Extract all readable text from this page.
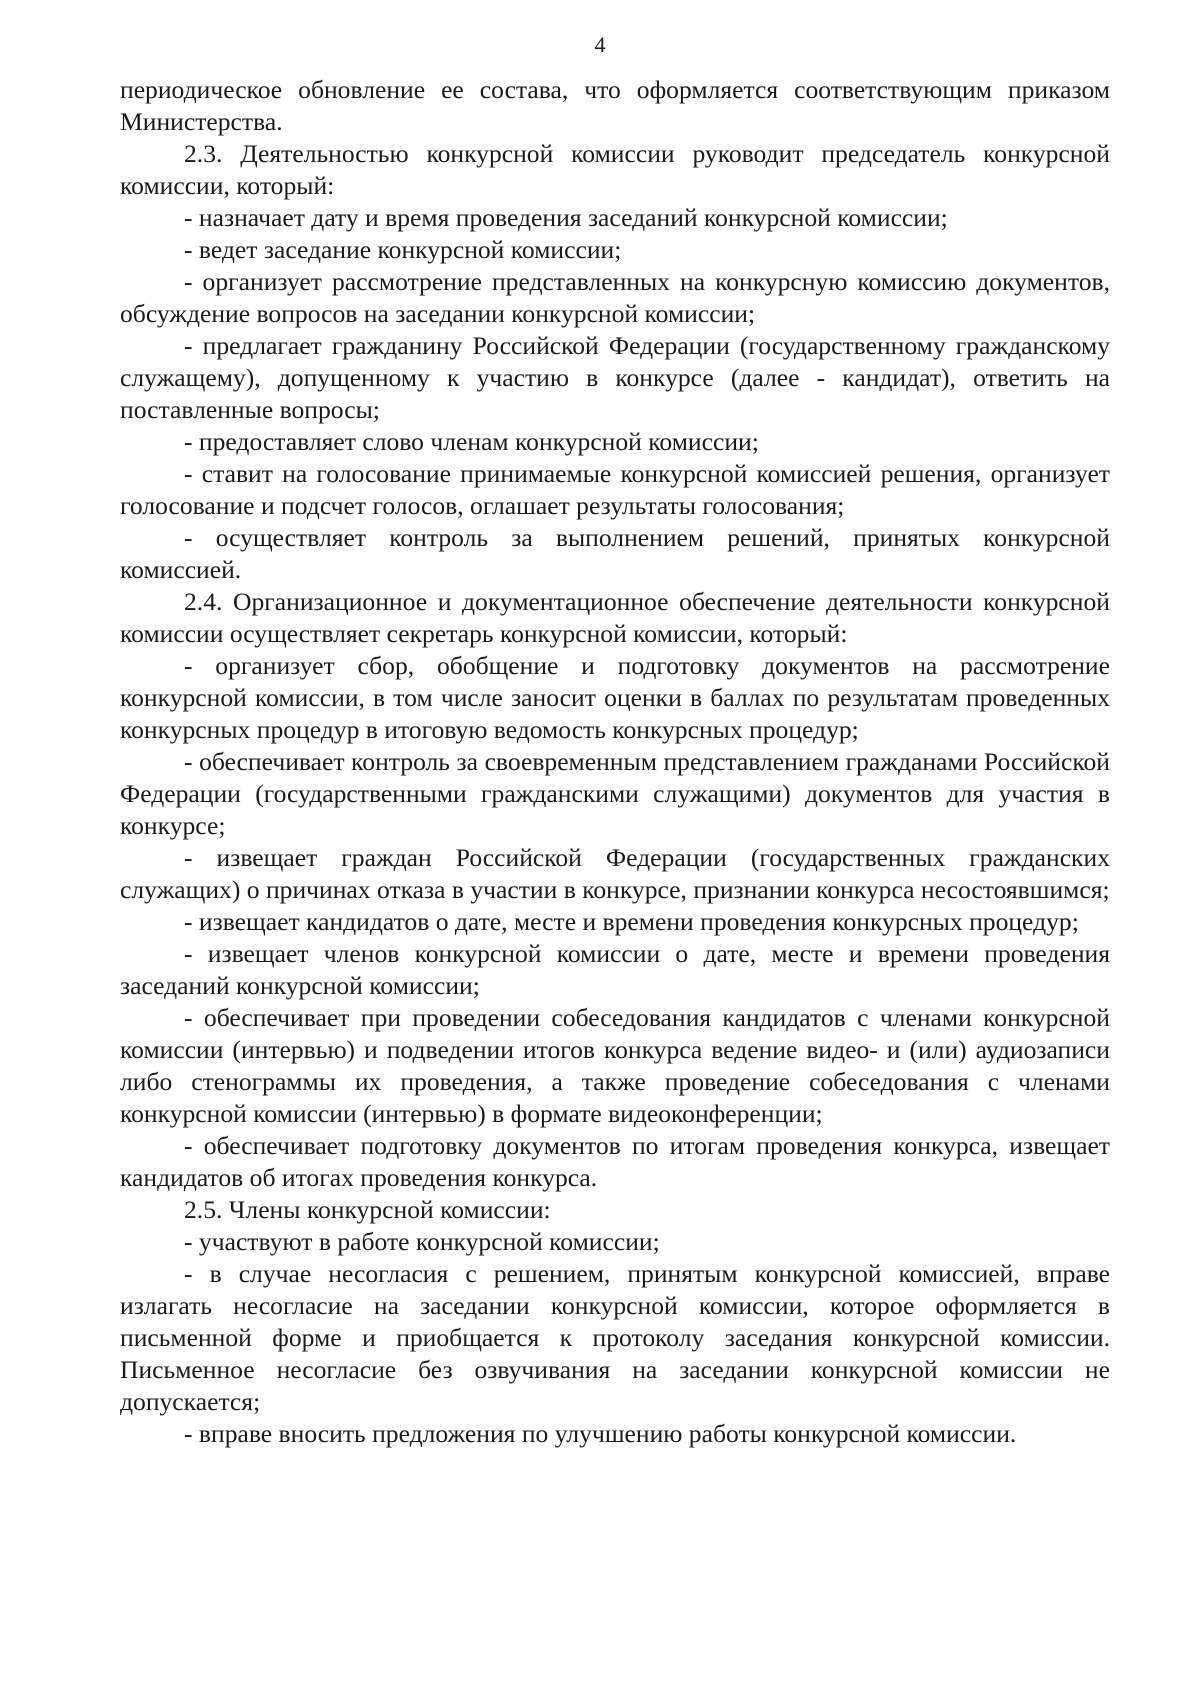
4

периодическое обновление ее состава, что оформляется соответствующим приказом Министерства.

2.3. Деятельностью конкурсной комиссии руководит председатель конкурсной комиссии, который:

- назначает дату и время проведения заседаний конкурсной комиссии;

- ведет заседание конкурсной комиссии;

- организует рассмотрение представленных на конкурсную комиссию документов, обсуждение вопросов на заседании конкурсной комиссии;

- предлагает гражданину Российской Федерации (государственному гражданскому служащему), допущенному к участию в конкурсе (далее - кандидат), ответить на поставленные вопросы;

- предоставляет слово членам конкурсной комиссии;

- ставит на голосование принимаемые конкурсной комиссией решения, организует голосование и подсчет голосов, оглашает результаты голосования;

- осуществляет контроль за выполнением решений, принятых конкурсной комиссией.

2.4. Организационное и документационное обеспечение деятельности конкурсной комиссии осуществляет секретарь конкурсной комиссии, который:

- организует сбор, обобщение и подготовку документов на рассмотрение конкурсной комиссии, в том числе заносит оценки в баллах по результатам проведенных конкурсных процедур в итоговую ведомость конкурсных процедур;

- обеспечивает контроль за своевременным представлением гражданами Российской Федерации (государственными гражданскими служащими) документов для участия в конкурсе;

- извещает граждан Российской Федерации (государственных гражданских служащих) о причинах отказа в участии в конкурсе, признании конкурса несостоявшимся;

- извещает кандидатов о дате, месте и времени проведения конкурсных процедур;

- извещает членов конкурсной комиссии о дате, месте и времени проведения заседаний конкурсной комиссии;

- обеспечивает при проведении собеседования кандидатов с членами конкурсной комиссии (интервью) и подведении итогов конкурса ведение видео- и (или) аудиозаписи либо стенограммы их проведения, а также проведение собеседования с членами конкурсной комиссии (интервью) в формате видеоконференции;

- обеспечивает подготовку документов по итогам проведения конкурса, извещает кандидатов об итогах проведения конкурса.

2.5. Члены конкурсной комиссии:

- участвуют в работе конкурсной комиссии;

- в случае несогласия с решением, принятым конкурсной комиссией, вправе излагать несогласие на заседании конкурсной комиссии, которое оформляется в письменной форме и приобщается к протоколу заседания конкурсной комиссии. Письменное несогласие без озвучивания на заседании конкурсной комиссии не допускается;

- вправе вносить предложения по улучшению работы конкурсной комиссии.
